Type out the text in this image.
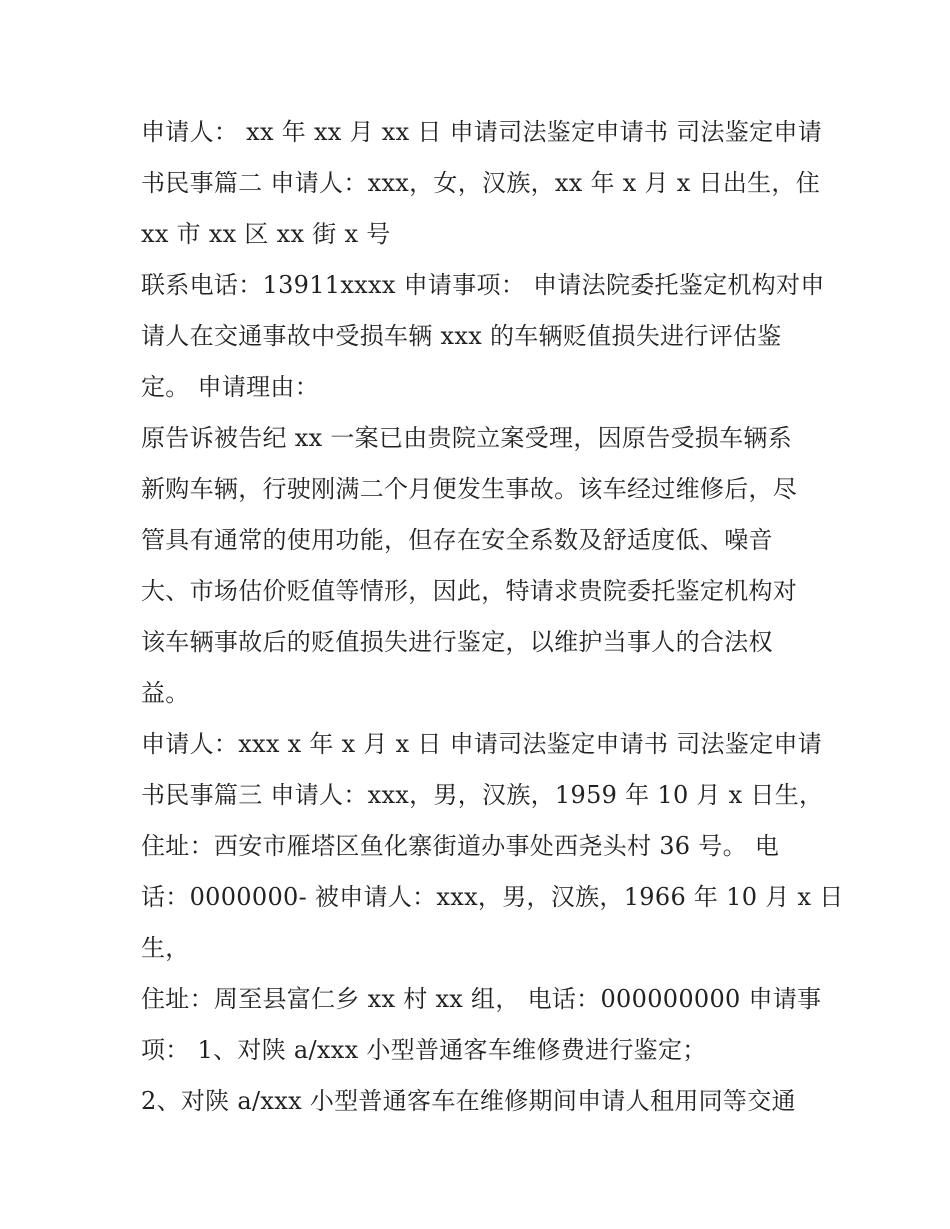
申请人： xx 年 xx 月 xx 日 申请司法鉴定申请书 司法鉴定申请
书民事篇二 申请人：xxx，女，汉族，xx 年 x 月 x 日出生，住
xx 市 xx 区 xx 街 x 号
联系电话：13911xxxx 申请事项： 申请法院委托鉴定机构对申
请人在交通事故中受损车辆 xxx 的车辆贬值损失进行评估鉴
定。 申请理由：
原告诉被告纪 xx 一案已由贵院立案受理，因原告受损车辆系
新购车辆，行驶刚满二个月便发生事故。该车经过维修后，尽
管具有通常的使用功能，但存在安全系数及舒适度低、噪音
大、市场估价贬值等情形，因此，特请求贵院委托鉴定机构对
该车辆事故后的贬值损失进行鉴定，以维护当事人的合法权
益。
申请人：xxx x 年 x 月 x 日 申请司法鉴定申请书 司法鉴定申请
书民事篇三 申请人：xxx，男，汉族，1959 年 10 月 x 日生，
住址：西安市雁塔区鱼化寨街道办事处西尧头村 36 号。 电
话：0000000- 被申请人：xxx，男，汉族，1966 年 10 月 x 日
生，
住址：周至县富仁乡 xx 村 xx 组， 电话：000000000 申请事
项： 1、对陕 a/xxx 小型普通客车维修费进行鉴定；
2、对陕 a/xxx 小型普通客车在维修期间申请人租用同等交通
